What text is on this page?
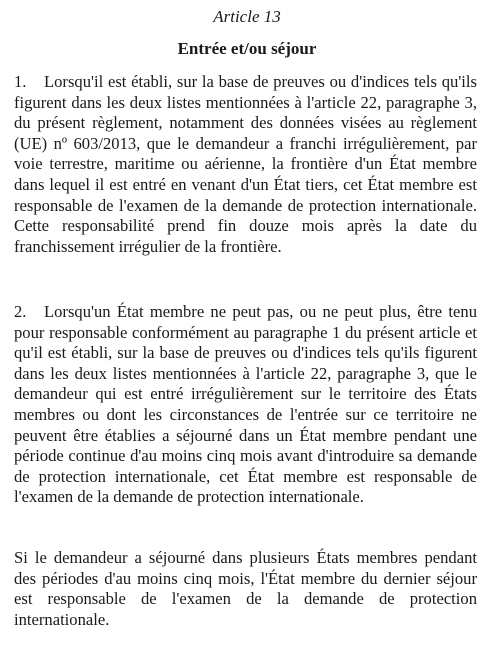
Article 13
Entrée et/ou séjour
1. Lorsqu'il est établi, sur la base de preuves ou d'indices tels qu'ils figurent dans les deux listes mentionnées à l'article 22, paragraphe 3, du présent règlement, notamment des données visées au règlement (UE) nº 603/2013, que le demandeur a franchi irrégulièrement, par voie terrestre, maritime ou aérienne, la frontière d'un État membre dans lequel il est entré en venant d'un État tiers, cet État membre est responsable de l'examen de la demande de protection internationale. Cette responsabilité prend fin douze mois après la date du franchissement irrégulier de la frontière.
2. Lorsqu'un État membre ne peut pas, ou ne peut plus, être tenu pour responsable conformément au paragraphe 1 du présent article et qu'il est établi, sur la base de preuves ou d'indices tels qu'ils figurent dans les deux listes mentionnées à l'article 22, paragraphe 3, que le demandeur qui est entré irrégulièrement sur le territoire des États membres ou dont les circonstances de l'entrée sur ce territoire ne peuvent être établies a séjourné dans un État membre pendant une période continue d'au moins cinq mois avant d'introduire sa demande de protection internationale, cet État membre est responsable de l'examen de la demande de protection internationale.
Si le demandeur a séjourné dans plusieurs États membres pendant des périodes d'au moins cinq mois, l'État membre du dernier séjour est responsable de l'examen de la demande de protection internationale.
